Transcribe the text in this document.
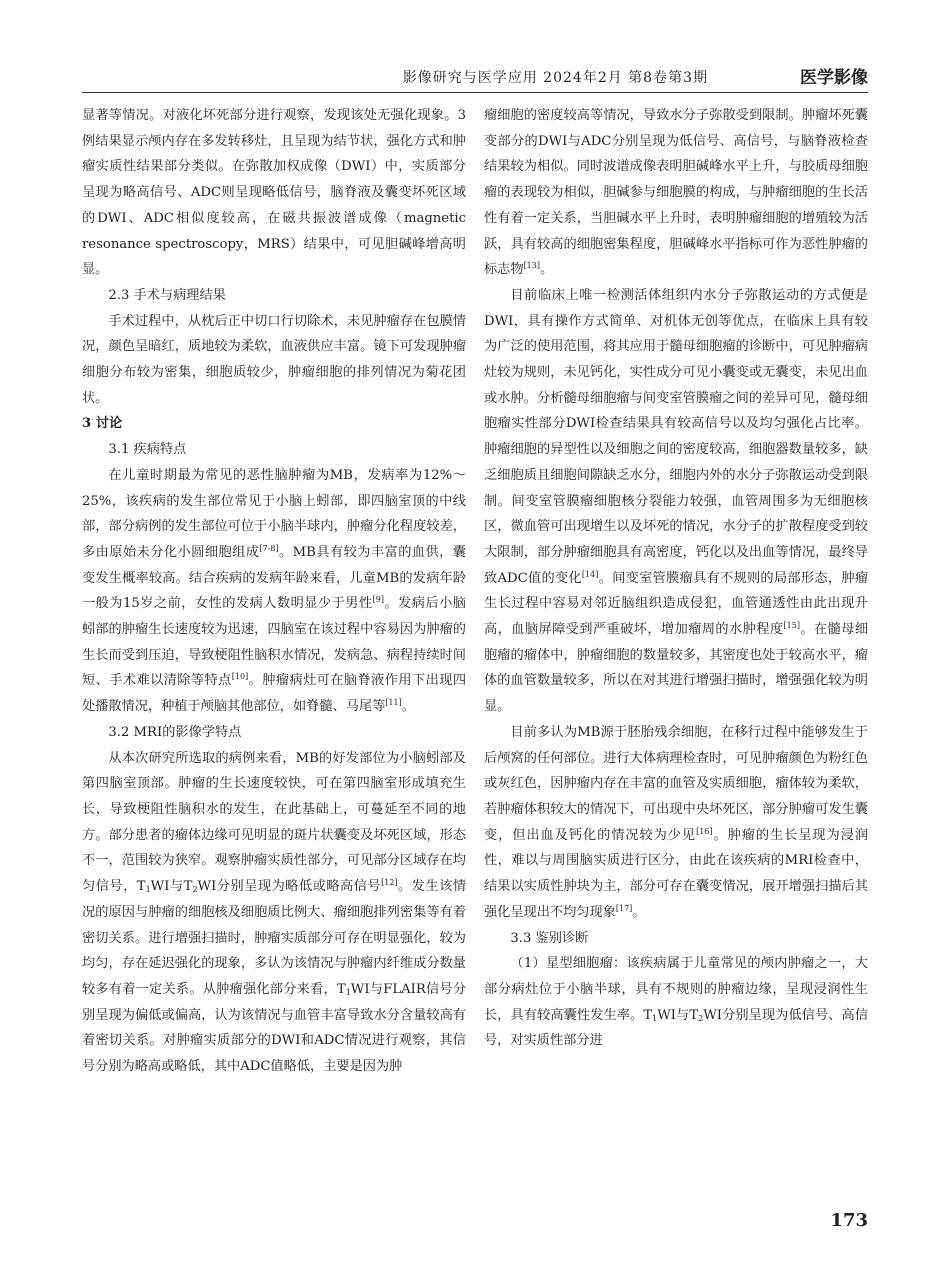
影像研究与医学应用 2024年2月 第8卷第3期	医学影像

显著等情况。对液化坏死部分进行观察，发现该处无强化现象。3例结果显示颅内存在多发转移灶，且呈现为结节状，强化方式和肿瘤实质性结果部分类似。在弥散加权成像（DWI）中，实质部分呈现为略高信号、ADC则呈现略低信号，脑脊液及囊变坏死区域的DWI、ADC相似度较高，在磁共振波谱成像（magnetic resonance spectroscopy，MRS）结果中，可见胆碱峰增高明显。

2.3 手术与病理结果

手术过程中，从枕后正中切口行切除术，未见肿瘤存在包膜情况，颜色呈暗红，质地较为柔软，血液供应丰富。镜下可发现肿瘤细胞分布较为密集，细胞质较少，肿瘤细胞的排列情况为菊花团状。

3 讨论

3.1 疾病特点

在儿童时期最为常见的恶性脑肿瘤为MB，发病率为12%～25%，该疾病的发生部位常见于小脑上蚓部，即四脑室顶的中线部，部分病例的发生部位可位于小脑半球内，肿瘤分化程度较差，多由原始未分化小圆细胞组成[7-8]。MB具有较为丰富的血供，囊变发生概率较高。结合疾病的发病年龄来看，儿童MB的发病年龄一般为15岁之前，女性的发病人数明显少于男性[9]。发病后小脑蚓部的肿瘤生长速度较为迅速，四脑室在该过程中容易因为肿瘤的生长而受到压迫，导致梗阻性脑积水情况，发病急、病程持续时间短、手术难以清除等特点[10]。肿瘤病灶可在脑脊液作用下出现四处播散情况，种植于颅脑其他部位，如脊髓、马尾等[11]。

3.2 MRI的影像学特点

从本次研究所选取的病例来看，MB的好发部位为小脑蚓部及第四脑室顶部。肿瘤的生长速度较快，可在第四脑室形成填充生长，导致梗阻性脑积水的发生，在此基础上，可蔓延至不同的地方。部分患者的瘤体边缘可见明显的斑片状囊变及坏死区域，形态不一，范围较为狭窄。观察肿瘤实质性部分，可见部分区域存在均匀信号，$T_1WI$与$T_2WI$分别呈现为略低或略高信号[12]。发生该情况的原因与肿瘤的细胞核及细胞质比例大、瘤细胞排列密集等有着密切关系。进行增强扫描时，肿瘤实质部分可存在明显强化，较为均匀，存在延迟强化的现象，多认为该情况与肿瘤内纤维成分数量较多有着一定关系。从肿瘤强化部分来看，$T_1WI$与FLAIR信号分别呈现为偏低或偏高，认为该情况与血管丰富导致水分含量较高有着密切关系。对肿瘤实质部分的DWI和ADC情况进行观察，其信号分别为略高或略低，其中ADC值略低，主要是因为肿

瘤细胞的密度较高等情况，导致水分子弥散受到限制。肿瘤坏死囊变部分的DWI与ADC分别呈现为低信号、高信号，与脑脊液检查结果较为相似。同时波谱成像表明胆碱峰水平上升，与胶质母细胞瘤的表现较为相似，胆碱参与细胞膜的构成，与肿瘤细胞的生长活性有着一定关系，当胆碱水平上升时，表明肿瘤细胞的增殖较为活跃，具有较高的细胞密集程度，胆碱峰水平指标可作为恶性肿瘤的标志物[13]。

目前临床上唯一检测活体组织内水分子弥散运动的方式便是DWI，具有操作方式简单、对机体无创等优点，在临床上具有较为广泛的使用范围，将其应用于髓母细胞瘤的诊断中，可见肿瘤病灶较为规则，未见钙化，实性成分可见小囊变或无囊变，未见出血或水肿。分析髓母细胞瘤与间变室管膜瘤之间的差异可见，髓母细胞瘤实性部分DWI检查结果具有较高信号以及均匀强化占比率。肿瘤细胞的异型性以及细胞之间的密度较高，细胞器数量较多，缺乏细胞质且细胞间隙缺乏水分，细胞内外的水分子弥散运动受到限制。间变室管膜瘤细胞核分裂能力较强，血管周围多为无细胞核区，微血管可出现增生以及坏死的情况，水分子的扩散程度受到较大限制，部分肿瘤细胞具有高密度，钙化以及出血等情况，最终导致ADC值的变化[14]。间变室管膜瘤具有不规则的局部形态，肿瘤生长过程中容易对邻近脑组织造成侵犯，血管通透性由此出现升高，血脑屏障受到严重破坏，增加瘤周的水肿程度[15]。在髓母细胞瘤的瘤体中，肿瘤细胞的数量较多，其密度也处于较高水平，瘤体的血管数量较多，所以在对其进行增强扫描时，增强强化较为明显。

目前多认为MB源于胚胎残余细胞，在移行过程中能够发生于后颅窝的任何部位。进行大体病理检查时，可见肿瘤颜色为粉红色或灰红色，因肿瘤内存在丰富的血管及实质细胞，瘤体较为柔软，若肿瘤体积较大的情况下，可出现中央坏死区，部分肿瘤可发生囊变，但出血及钙化的情况较为少见[16]。肿瘤的生长呈现为浸润性，难以与周围脑实质进行区分，由此在该疾病的MRI检查中，结果以实质性肿块为主，部分可存在囊变情况，展开增强扫描后其强化呈现出不均匀现象[17]。

3.3 鉴别诊断

（1）星型细胞瘤：该疾病属于儿童常见的颅内肿瘤之一，大部分病灶位于小脑半球，具有不规则的肿瘤边缘，呈现浸润性生长，具有较高囊性发生率。$T_1WI$与$T_2WI$分别呈现为低信号、高信号，对实质性部分进

173
